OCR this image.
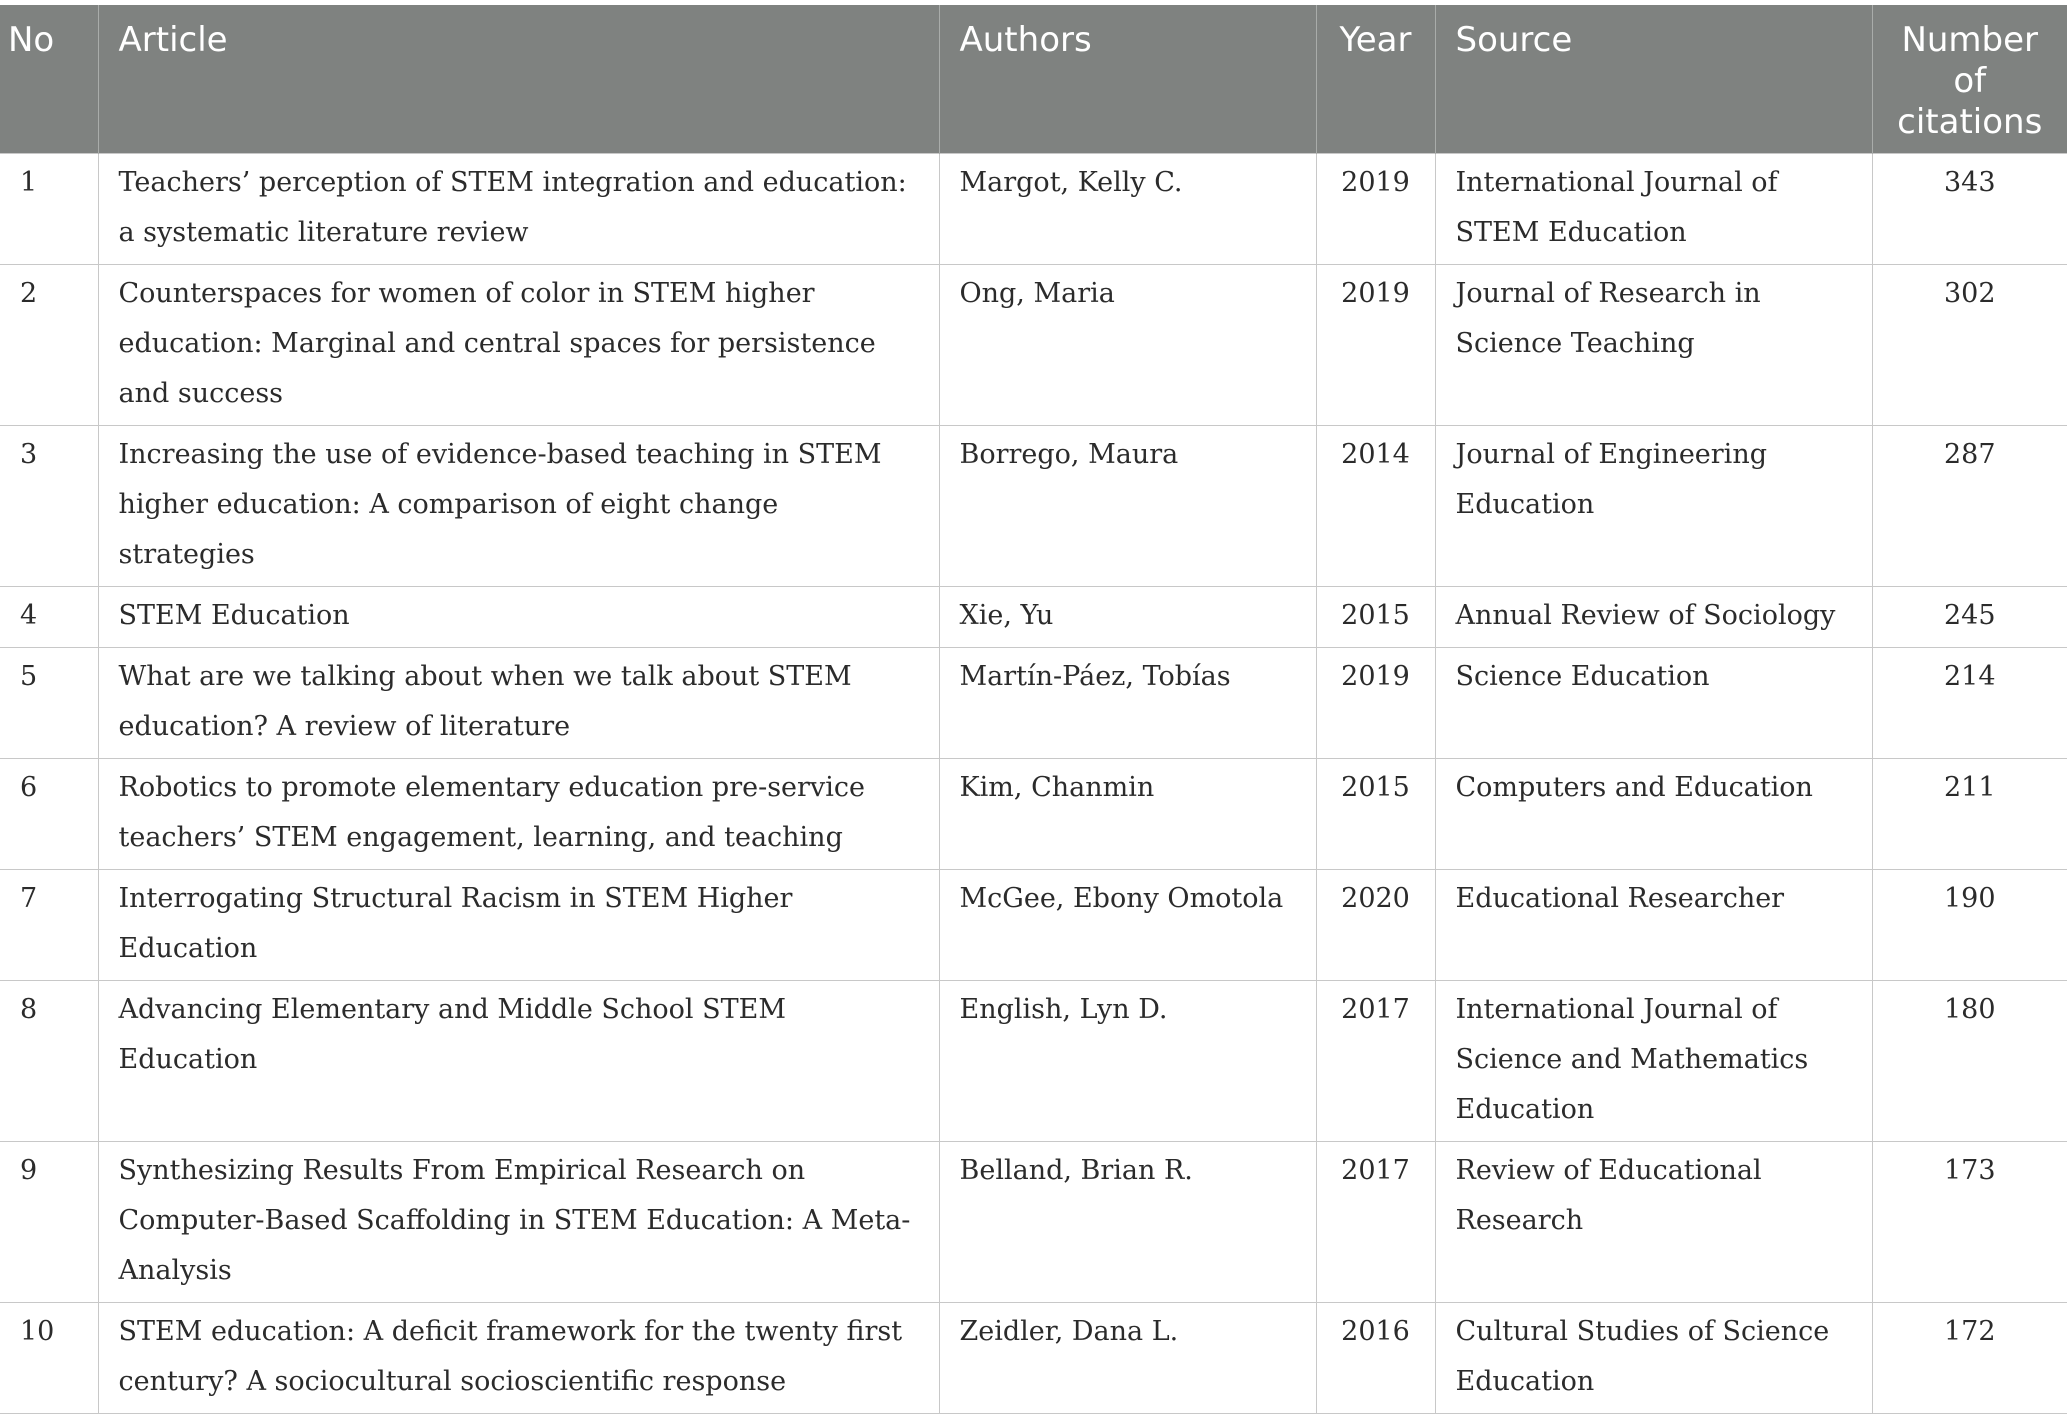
No	Article	Authors	Year	Source	Number of citations
1	Teachers’ perception of STEM integration and education: a systematic literature review	Margot, Kelly C.	2019	International Journal of STEM Education	343
2	Counterspaces for women of color in STEM higher education: Marginal and central spaces for persistence and success	Ong, Maria	2019	Journal of Research in Science Teaching	302
3	Increasing the use of evidence-based teaching in STEM higher education: A comparison of eight change strategies	Borrego, Maura	2014	Journal of Engineering Education	287
4	STEM Education	Xie, Yu	2015	Annual Review of Sociology	245
5	What are we talking about when we talk about STEM education? A review of literature	Martín-Páez, Tobías	2019	Science Education	214
6	Robotics to promote elementary education pre-service teachers’ STEM engagement, learning, and teaching	Kim, Chanmin	2015	Computers and Education	211
7	Interrogating Structural Racism in STEM Higher Education	McGee, Ebony Omotola	2020	Educational Researcher	190
8	Advancing Elementary and Middle School STEM Education	English, Lyn D.	2017	International Journal of Science and Mathematics Education	180
9	Synthesizing Results From Empirical Research on Computer-Based Scaffolding in STEM Education: A Meta-Analysis	Belland, Brian R.	2017	Review of Educational Research	173
10	STEM education: A deficit framework for the twenty first century? A sociocultural socioscientific response	Zeidler, Dana L.	2016	Cultural Studies of Science Education	172
